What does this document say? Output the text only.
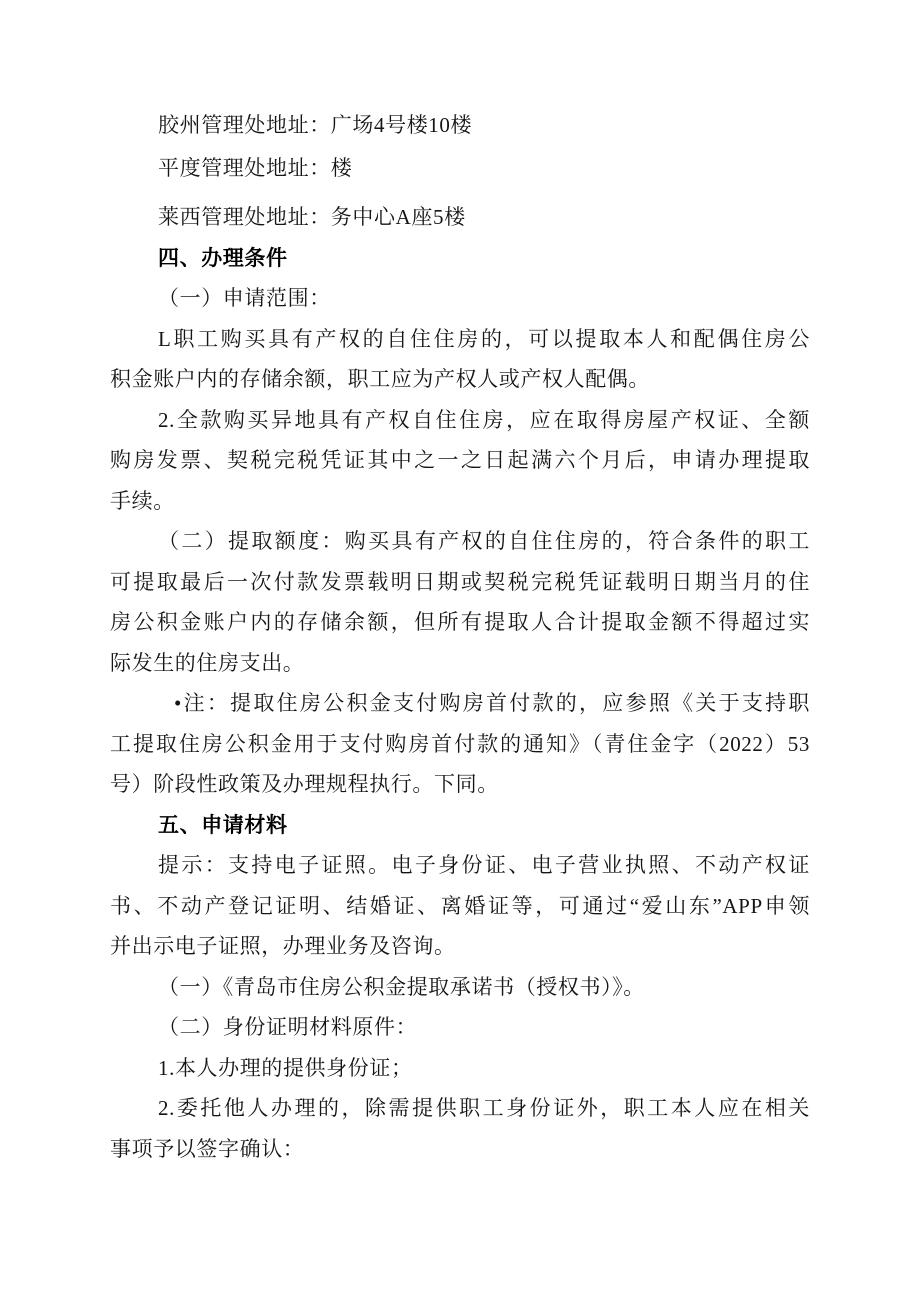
胶州管理处地址：广场4号楼10楼
平度管理处地址：楼
莱西管理处地址：务中心A座5楼
四、办理条件
（一）申请范围：
L职工购买具有产权的自住住房的，可以提取本人和配偶住房公
积金账户内的存储余额，职工应为产权人或产权人配偶。
2.全款购买异地具有产权自住住房，应在取得房屋产权证、全额
购房发票、契税完税凭证其中之一之日起满六个月后，申请办理提取
手续。
（二）提取额度：购买具有产权的自住住房的，符合条件的职工
可提取最后一次付款发票载明日期或契税完税凭证载明日期当月的住
房公积金账户内的存储余额，但所有提取人合计提取金额不得超过实
际发生的住房支出。
•注：提取住房公积金支付购房首付款的，应参照《关于支持职
工提取住房公积金用于支付购房首付款的通知》（青住金字（2022）53
号）阶段性政策及办理规程执行。下同。
五、申请材料
提示：支持电子证照。电子身份证、电子营业执照、不动产权证
书、不动产登记证明、结婚证、离婚证等，可通过“爱山东”APP申领
并出示电子证照，办理业务及咨询。
（一）《青岛市住房公积金提取承诺书（授权书）》。
（二）身份证明材料原件：
1.本人办理的提供身份证；
2.委托他人办理的，除需提供职工身份证外，职工本人应在相关
事项予以签字确认：
